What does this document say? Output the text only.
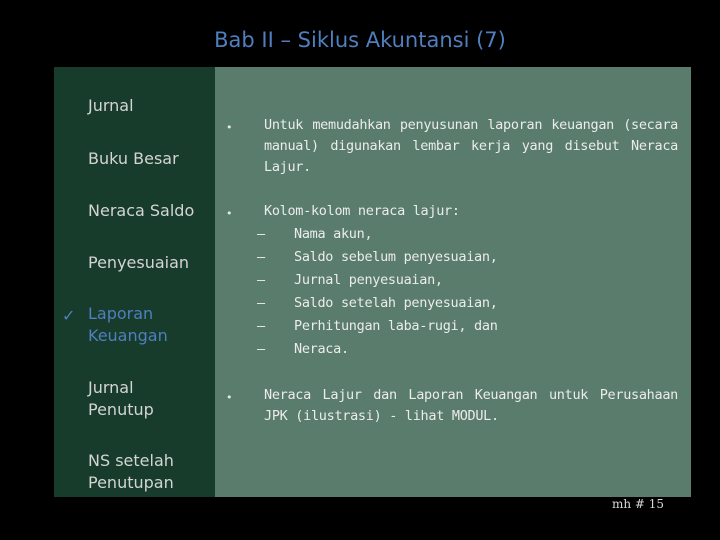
Bab II – Siklus Akuntansi (7)
Jurnal
Buku Besar
Neraca Saldo
Penyesuaian
✓ Laporan Keuangan
Jurnal Penutup
NS setelah Penutupan
• Untuk memudahkan penyusunan laporan keuangan (secara manual) digunakan lembar kerja yang disebut Neraca Lajur.
• Kolom-kolom neraca lajur:
– Nama akun,
– Saldo sebelum penyesuaian,
– Jurnal penyesuaian,
– Saldo setelah penyesuaian,
– Perhitungan laba-rugi, dan
– Neraca.
• Neraca Lajur dan Laporan Keuangan untuk Perusahaan JPK (ilustrasi) - lihat MODUL.
mh # 15
